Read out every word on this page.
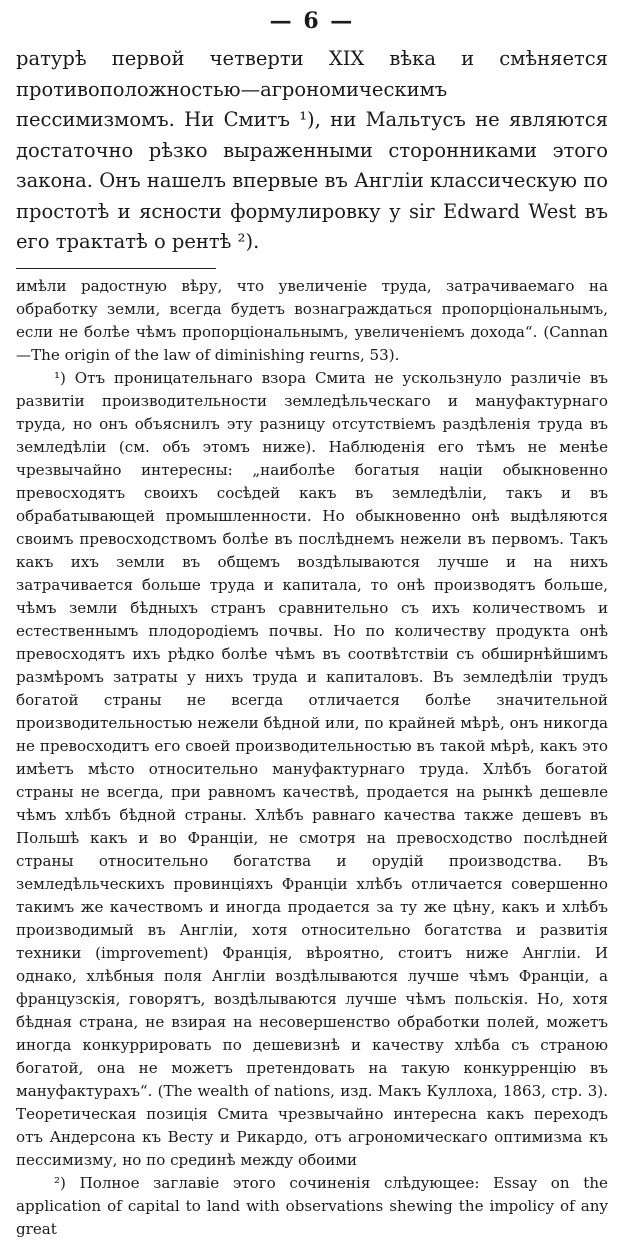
— 6 —

ратурѣ первой четверти XIX вѣка и смѣняется противоположностью—агрономическимъ пессимизмомъ. Ни Смитъ ¹), ни Мальтусъ не являются достаточно рѣзко выраженными сторонниками этого закона. Онъ нашелъ впервые въ Англіи классическую по простотѣ и ясности формулировку у sir Edward West въ его трактатѣ о рентѣ ²).

имѣли радостную вѣру, что увеличеніе труда, затрачиваемаго на обработку земли, всегда будетъ вознаграждаться пропорціональнымъ, если не болѣе чѣмъ пропорціональнымъ, увеличеніемъ дохода“. (Cannan—The origin of the law of diminishing reurns, 53).

¹) Отъ проницательнаго взора Смита не ускользнуло различіе въ развитіи производительности земледѣльческаго и мануфактурнаго труда, но онъ объяснилъ эту разницу отсутствіемъ раздѣленія труда въ земледѣліи (см. объ этомъ ниже). Наблюденія его тѣмъ не менѣе чрезвычайно интересны: „наиболѣе богатыя націи обыкновенно превосходятъ своихъ сосѣдей какъ въ земледѣліи, такъ и въ обрабатывающей промышленности. Но обыкновенно онѣ выдѣляются своимъ превосходствомъ болѣе въ послѣднемъ нежели въ первомъ. Такъ какъ ихъ земли въ общемъ воздѣлываются лучше и на нихъ затрачивается больше труда и капитала, то онѣ производятъ больше, чѣмъ земли бѣдныхъ странъ сравнительно съ ихъ количествомъ и естественнымъ плодородіемъ почвы. Но по количеству продукта онѣ превосходятъ ихъ рѣдко болѣе чѣмъ въ соотвѣтствіи съ обширнѣйшимъ размѣромъ затраты у нихъ труда и капиталовъ. Въ земледѣліи трудъ богатой страны не всегда отличается болѣе значительной производительностью нежели бѣдной или, по крайней мѣрѣ, онъ никогда не превосходитъ его своей производительностью въ такой мѣрѣ, какъ это имѣетъ мѣсто относительно мануфактурнаго труда. Хлѣбъ богатой страны не всегда, при равномъ качествѣ, продается на рынкѣ дешевле чѣмъ хлѣбъ бѣдной страны. Хлѣбъ равнаго качества также дешевъ въ Польшѣ какъ и во Франціи, не смотря на превосходство послѣдней страны относительно богатства и орудій производства. Въ земледѣльческихъ провинціяхъ Франціи хлѣбъ отличается совершенно такимъ же качествомъ и иногда продается за ту же цѣну, какъ и хлѣбъ производимый въ Англіи, хотя относительно богатства и развитія техники (improvement) Франція, вѣроятно, стоитъ ниже Англіи. И однако, хлѣбныя поля Англіи воздѣлываются лучше чѣмъ Франціи, а французскія, говорятъ, воздѣлываются лучше чѣмъ польскія. Но, хотя бѣдная страна, не взирая на несовершенство обработки полей, можетъ иногда конкуррировать по дешевизнѣ и качеству хлѣба съ страною богатой, она не можетъ претендовать на такую конкурренцію въ мануфактурахъ“. (The wealth of nations, изд. Макъ Куллоха, 1863, стр. 3). Теоретическая позиція Смита чрезвычайно интересна какъ переходъ отъ Андерсона къ Весту и Рикардо, отъ агрономическаго оптимизма къ пессимизму, но по срединѣ между обоими

²) Полное заглавіе этого сочиненія слѣдующее: Essay on the application of capital to land with observations shewing the impolicy of any great
